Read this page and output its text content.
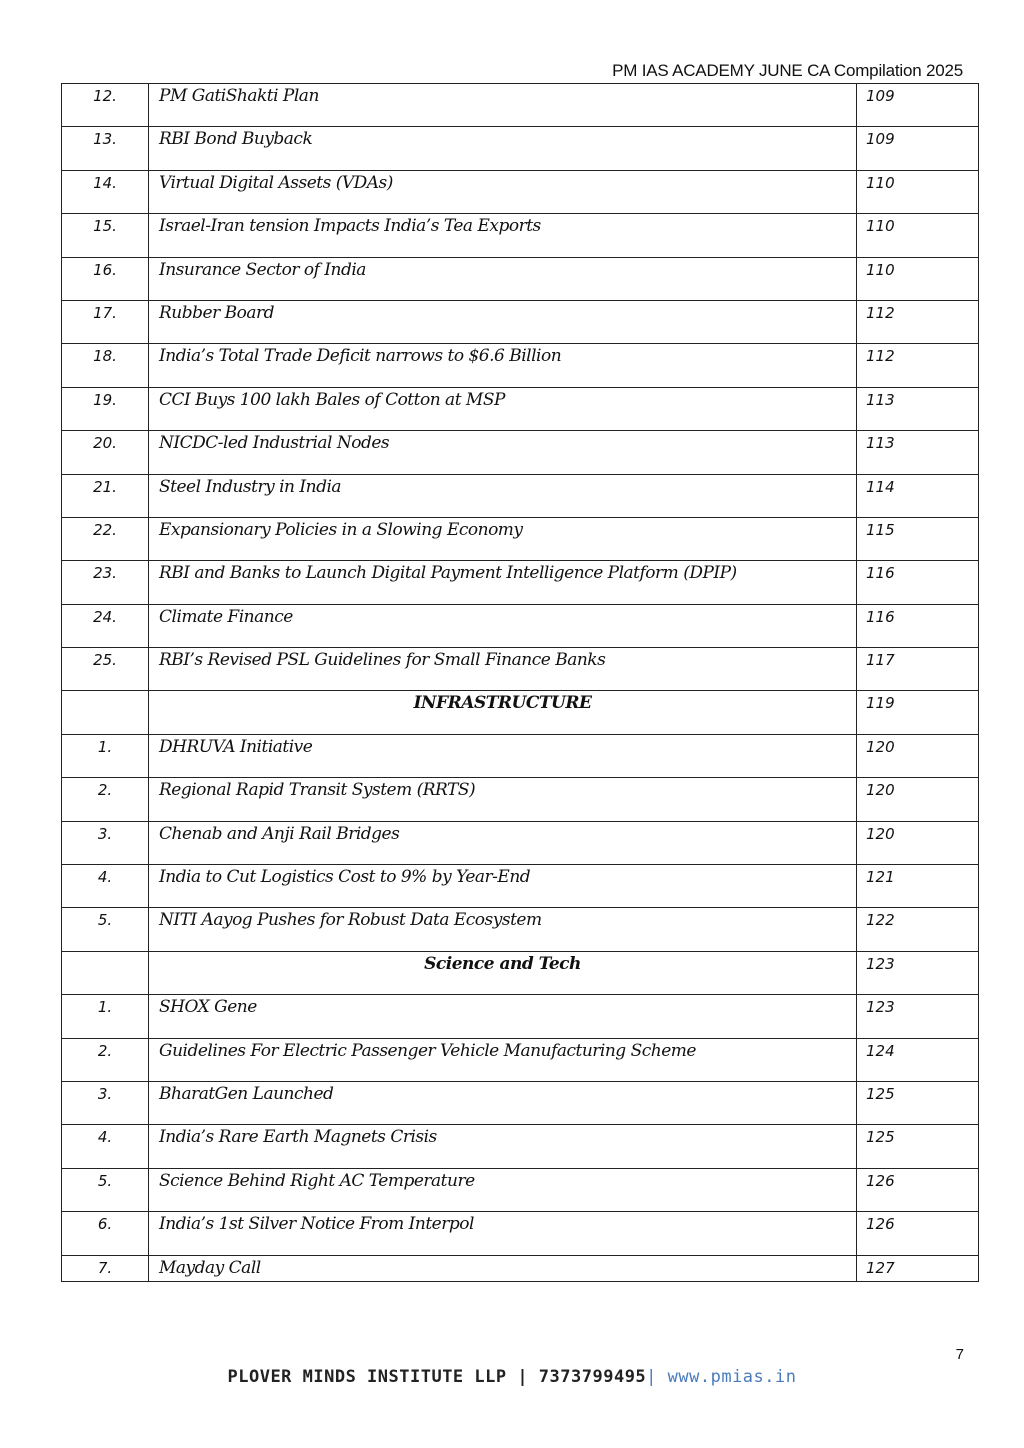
PM IAS ACADEMY JUNE CA Compilation 2025
12.	PM GatiShakti Plan	109
13.	RBI Bond Buyback	109
14.	Virtual Digital Assets (VDAs)	110
15.	Israel-Iran tension Impacts India’s Tea Exports	110
16.	Insurance Sector of India	110
17.	Rubber Board	112
18.	India’s Total Trade Deficit narrows to $6.6 Billion	112
19.	CCI Buys 100 lakh Bales of Cotton at MSP	113
20.	NICDC-led Industrial Nodes	113
21.	Steel Industry in India	114
22.	Expansionary Policies in a Slowing Economy	115
23.	RBI and Banks to Launch Digital Payment Intelligence Platform (DPIP)	116
24.	Climate Finance	116
25.	RBI’s Revised PSL Guidelines for Small Finance Banks	117
	INFRASTRUCTURE	119
1.	DHRUVA Initiative	120
2.	Regional Rapid Transit System (RRTS)	120
3.	Chenab and Anji Rail Bridges	120
4.	India to Cut Logistics Cost to 9% by Year-End	121
5.	NITI Aayog Pushes for Robust Data Ecosystem	122
	Science and Tech	123
1.	SHOX Gene	123
2.	Guidelines For Electric Passenger Vehicle Manufacturing Scheme	124
3.	BharatGen Launched	125
4.	India’s Rare Earth Magnets Crisis	125
5.	Science Behind Right AC Temperature	126
6.	India’s 1st Silver Notice From Interpol	126
7.	Mayday Call	127
7
PLOVER MINDS INSTITUTE LLP | 7373799495| www.pmias.in
